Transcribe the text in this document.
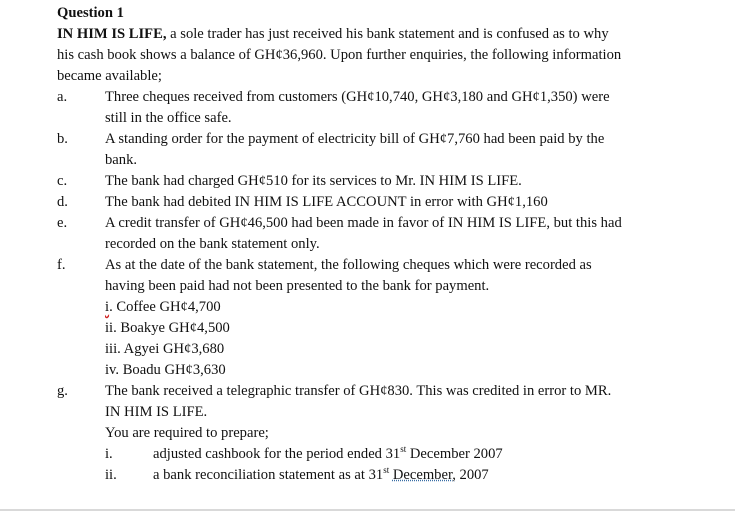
Question 1
IN HIM IS LIFE, a sole trader has just received his bank statement and is confused as to why
his cash book shows a balance of GH¢36,960. Upon further enquiries, the following information
became available;
a.	Three cheques received from customers (GH¢10,740, GH¢3,180 and GH¢1,350) were
still in the office safe.
b.	A standing order for the payment of electricity bill of GH¢7,760 had been paid by the
bank.
c.	The bank had charged GH¢510 for its services to Mr. IN HIM IS LIFE.
d.	The bank had debited IN HIM IS LIFE ACCOUNT in error with GH¢1,160
e.	A credit transfer of GH¢46,500 had been made in favor of IN HIM IS LIFE, but this had
recorded on the bank statement only.
f.	As at the date of the bank statement, the following cheques which were recorded as
having been paid had not been presented to the bank for payment.
i. Coffee GH¢4,700
ii. Boakye GH¢4,500
iii. Agyei GH¢3,680
iv. Boadu GH¢3,630
g.	The bank received a telegraphic transfer of GH¢830. This was credited in error to MR.
IN HIM IS LIFE.
You are required to prepare;
i.	adjusted cashbook for the period ended 31st December 2007
ii.	a bank reconciliation statement as at 31st December, 2007
